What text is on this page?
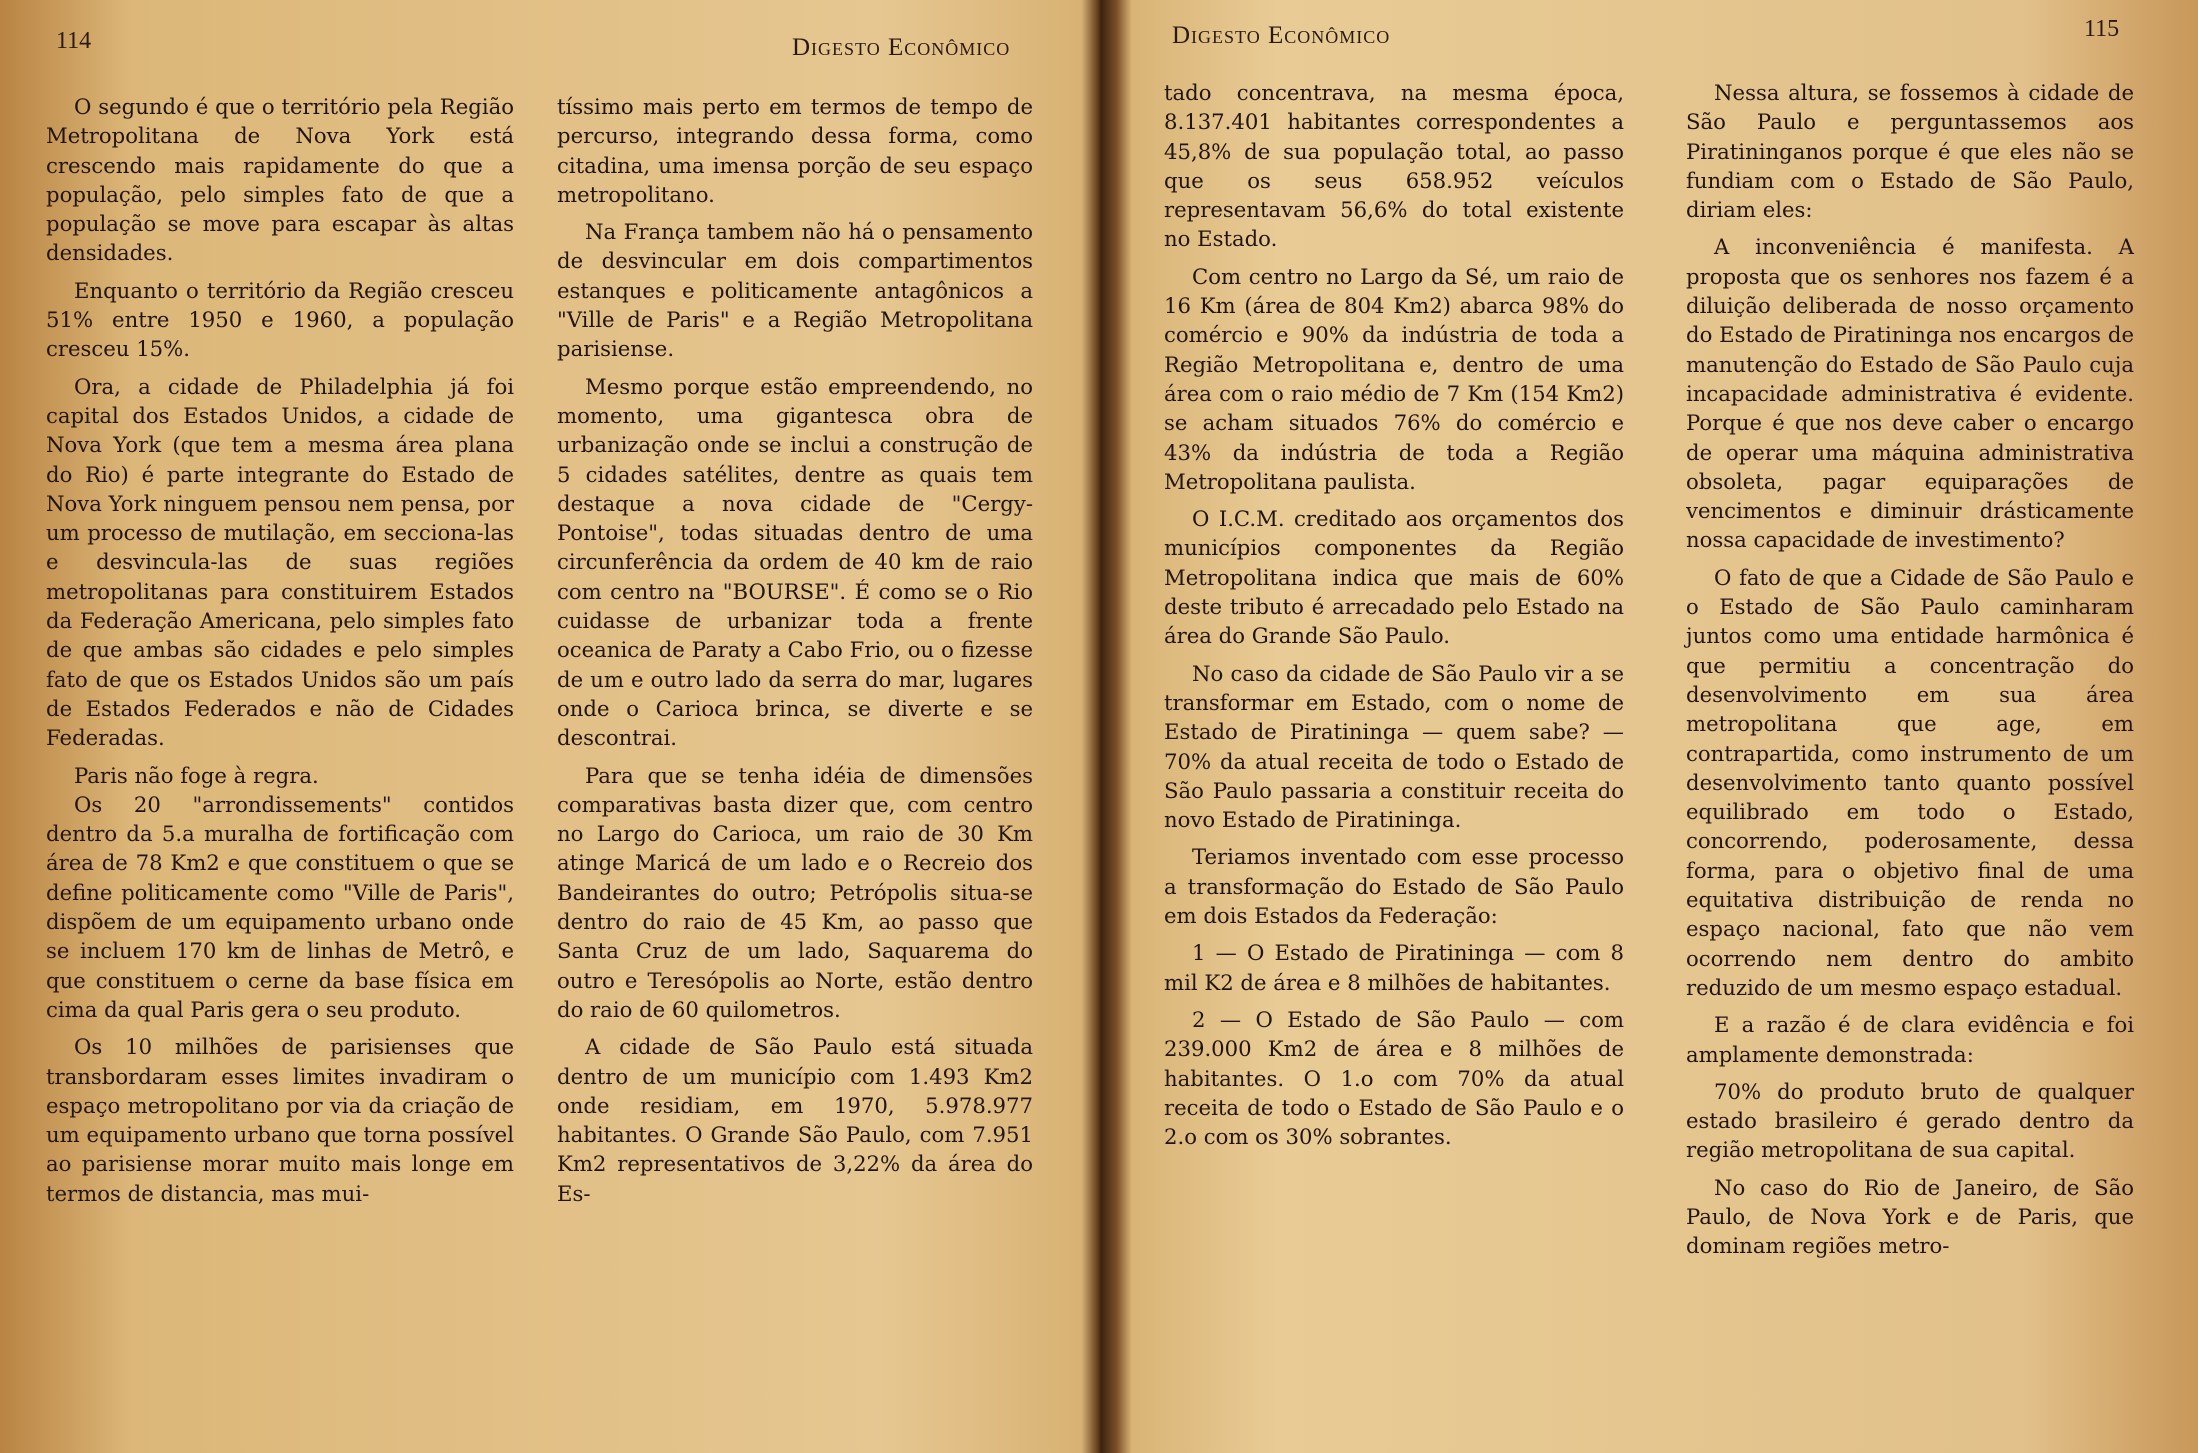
114	Digesto Econômico

O segundo é que o território pela Região Metropolitana de Nova York está crescendo mais rapidamente do que a população, pelo simples fato de que a população se move para escapar às altas densidades.

Enquanto o território da Região cresceu 51% entre 1950 e 1960, a população cresceu 15%.

Ora, a cidade de Philadelphia já foi capital dos Estados Unidos, a cidade de Nova York (que tem a mesma área plana do Rio) é parte integrante do Estado de Nova York ninguem pensou nem pensa, por um processo de mutilação, em secciona-las e desvincula-las de suas regiões metropolitanas para constituirem Estados da Federação Americana, pelo simples fato de que ambas são cidades e pelo simples fato de que os Estados Unidos são um país de Estados Federados e não de Cidades Federadas.

Paris não foge à regra.

Os 20 "arrondissements" contidos dentro da 5.a muralha de fortificação com área de 78 Km2 e que constituem o que se define politicamente como "Ville de Paris", dispõem de um equipamento urbano onde se incluem 170 km de linhas de Metrô, e que constituem o cerne da base física em cima da qual Paris gera o seu produto.

Os 10 milhões de parisienses que transbordaram esses limites invadiram o espaço metropolitano por via da criação de um equipamento urbano que torna possível ao parisiense morar muito mais longe em termos de distancia, mas mui-

tíssimo mais perto em termos de tempo de percurso, integrando dessa forma, como citadina, uma imensa porção de seu espaço metropolitano.

Na França tambem não há o pensamento de desvincular em dois compartimentos estanques e politicamente antagônicos a "Ville de Paris" e a Região Metropolitana parisiense.

Mesmo porque estão empreendendo, no momento, uma gigantesca obra de urbanização onde se inclui a construção de 5 cidades satélites, dentre as quais tem destaque a nova cidade de "Cergy-Pontoise", todas situadas dentro de uma circunferência da ordem de 40 km de raio com centro na "BOURSE". É como se o Rio cuidasse de urbanizar toda a frente oceanica de Paraty a Cabo Frio, ou o fizesse de um e outro lado da serra do mar, lugares onde o Carioca brinca, se diverte e se descontrai.

Para que se tenha idéia de dimensões comparativas basta dizer que, com centro no Largo do Carioca, um raio de 30 Km atinge Maricá de um lado e o Recreio dos Bandeirantes do outro; Petrópolis situa-se dentro do raio de 45 Km, ao passo que Santa Cruz de um lado, Saquarema do outro e Teresópolis ao Norte, estão dentro do raio de 60 quilometros.

A cidade de São Paulo está situada dentro de um município com 1.493 Km2 onde residiam, em 1970, 5.978.977 habitantes. O Grande São Paulo, com 7.951 Km2 representativos de 3,22% da área do Es-

Digesto Econômico	115

tado concentrava, na mesma época, 8.137.401 habitantes correspondentes a 45,8% de sua população total, ao passo que os seus 658.952 veículos representavam 56,6% do total existente no Estado.

Com centro no Largo da Sé, um raio de 16 Km (área de 804 Km2) abarca 98% do comércio e 90% da indústria de toda a Região Metropolitana e, dentro de uma área com o raio médio de 7 Km (154 Km2) se acham situados 76% do comércio e 43% da indústria de toda a Região Metropolitana paulista.

O I.C.M. creditado aos orçamentos dos municípios componentes da Região Metropolitana indica que mais de 60% deste tributo é arrecadado pelo Estado na área do Grande São Paulo.

No caso da cidade de São Paulo vir a se transformar em Estado, com o nome de Estado de Piratininga — quem sabe? — 70% da atual receita de todo o Estado de São Paulo passaria a constituir receita do novo Estado de Piratininga.

Teriamos inventado com esse processo a transformação do Estado de São Paulo em dois Estados da Federação:

1 — O Estado de Piratininga — com 8 mil K2 de área e 8 milhões de habitantes.

2 — O Estado de São Paulo — com 239.000 Km2 de área e 8 milhões de habitantes. O 1.o com 70% da atual receita de todo o Estado de São Paulo e o 2.o com os 30% sobrantes.

Nessa altura, se fossemos à cidade de São Paulo e perguntassemos aos Piratininganos porque é que eles não se fundiam com o Estado de São Paulo, diriam eles:

A inconveniência é manifesta. A proposta que os senhores nos fazem é a diluição deliberada de nosso orçamento do Estado de Piratininga nos encargos de manutenção do Estado de São Paulo cuja incapacidade administrativa é evidente. Porque é que nos deve caber o encargo de operar uma máquina administrativa obsoleta, pagar equiparações de vencimentos e diminuir drásticamente nossa capacidade de investimento?

O fato de que a Cidade de São Paulo e o Estado de São Paulo caminharam juntos como uma entidade harmônica é que permitiu a concentração do desenvolvimento em sua área metropolitana que age, em contrapartida, como instrumento de um desenvolvimento tanto quanto possível equilibrado em todo o Estado, concorrendo, poderosamente, dessa forma, para o objetivo final de uma equitativa distribuição de renda no espaço nacional, fato que não vem ocorrendo nem dentro do ambito reduzido de um mesmo espaço estadual.

E a razão é de clara evidência e foi amplamente demonstrada:

70% do produto bruto de qualquer estado brasileiro é gerado dentro da região metropolitana de sua capital.

No caso do Rio de Janeiro, de São Paulo, de Nova York e de Paris, que dominam regiões metro-
